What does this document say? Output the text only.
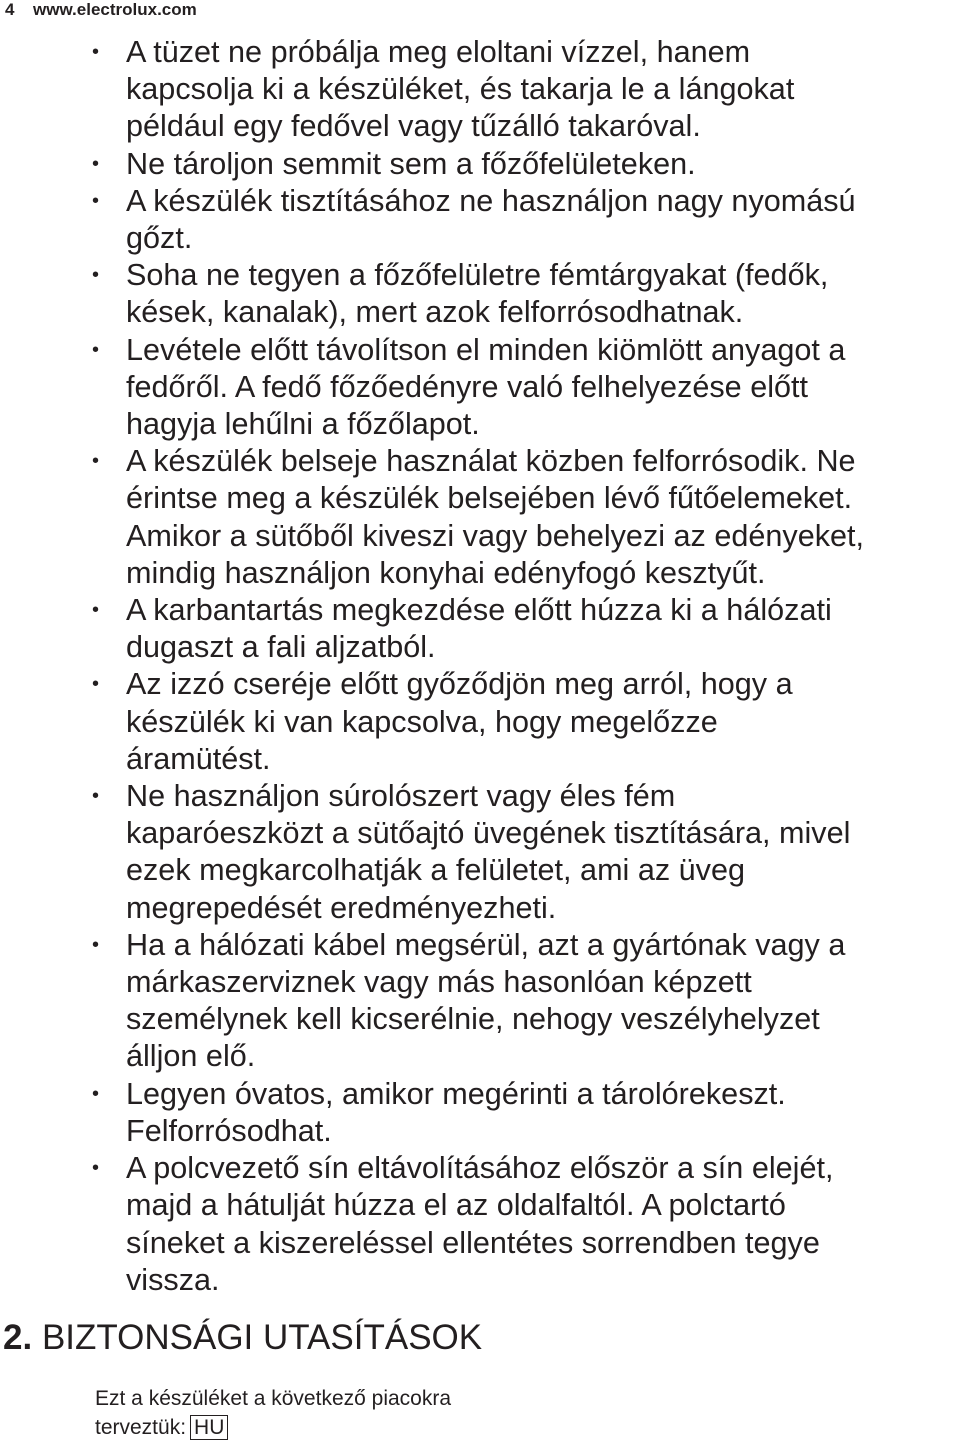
4 www.electrolux.com
• A tüzet ne próbálja meg eloltani vízzel, hanem
kapcsolja ki a készüléket, és takarja le a lángokat
például egy fedővel vagy tűzálló takaróval.
• Ne tároljon semmit sem a főzőfelületeken.
• A készülék tisztításához ne használjon nagy nyomású
gőzt.
• Soha ne tegyen a főzőfelületre fémtárgyakat (fedők,
kések, kanalak), mert azok felforrósodhatnak.
• Levétele előtt távolítson el minden kiömlött anyagot a
fedőről. A fedő főzőedényre való felhelyezése előtt
hagyja lehűlni a főzőlapot.
• A készülék belseje használat közben felforrósodik. Ne
érintse meg a készülék belsejében lévő fűtőelemeket.
Amikor a sütőből kiveszi vagy behelyezi az edényeket,
mindig használjon konyhai edényfogó kesztyűt.
• A karbantartás megkezdése előtt húzza ki a hálózati
dugaszt a fali aljzatból.
• Az izzó cseréje előtt győződjön meg arról, hogy a
készülék ki van kapcsolva, hogy megelőzze
áramütést.
• Ne használjon súrolószert vagy éles fém
kaparóeszközt a sütőajtó üvegének tisztítására, mivel
ezek megkarcolhatják a felületet, ami az üveg
megrepedését eredményezheti.
• Ha a hálózati kábel megsérül, azt a gyártónak vagy a
márkaszerviznek vagy más hasonlóan képzett
személynek kell kicserélnie, nehogy veszélyhelyzet
álljon elő.
• Legyen óvatos, amikor megérinti a tárolórekeszt.
Felforrósodhat.
• A polcvezető sín eltávolításához először a sín elejét,
majd a hátulját húzza el az oldalfaltól. A polctartó
síneket a kiszereléssel ellentétes sorrendben tegye
vissza.
2. BIZTONSÁGI UTASÍTÁSOK
Ezt a készüléket a következő piacokra
terveztük: HU
